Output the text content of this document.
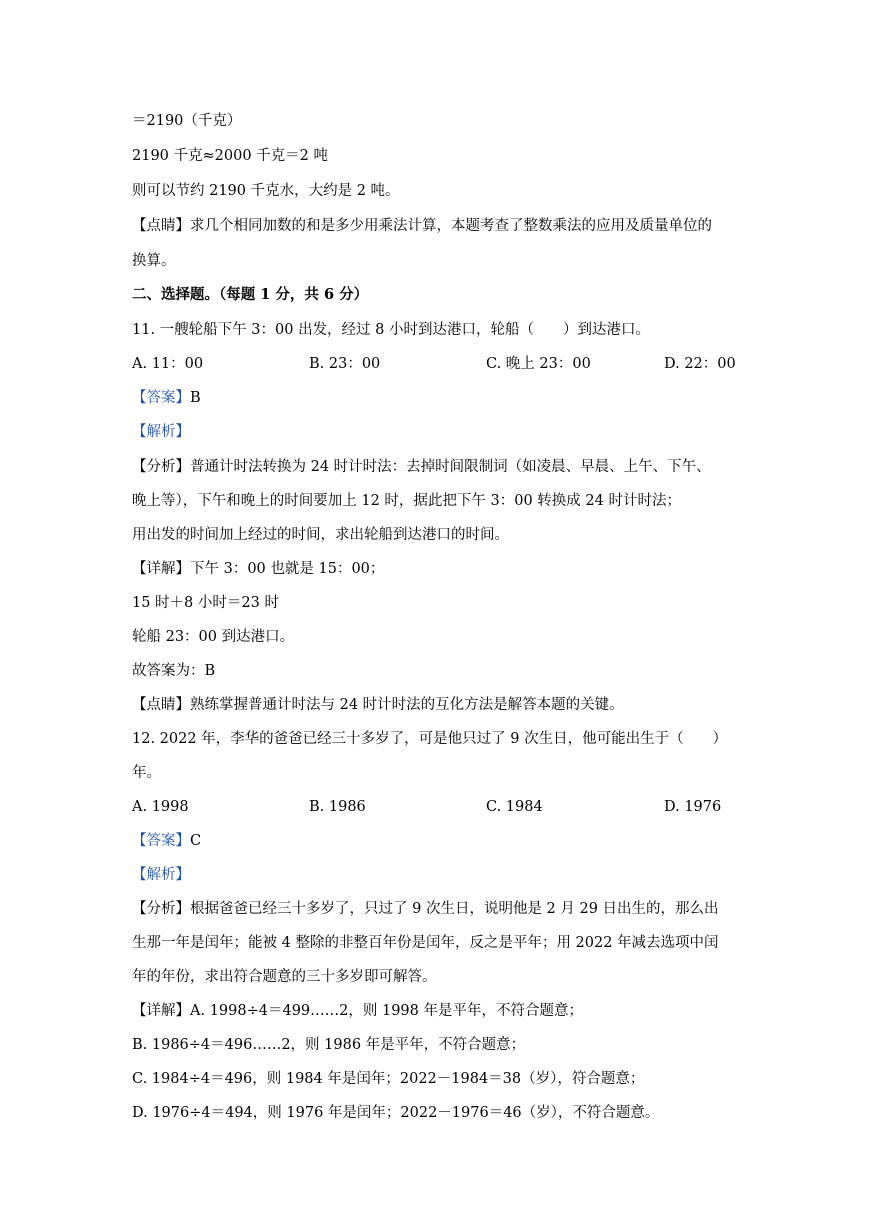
＝2190（千克）
2190 千克≈2000 千克＝2 吨
则可以节约 2190 千克水，大约是 2 吨。
【点睛】求几个相同加数的和是多少用乘法计算，本题考查了整数乘法的应用及质量单位的
换算。
二、选择题。（每题 1 分，共 6 分）
11. 一艘轮船下午 3：00 出发，经过 8 小时到达港口，轮船（　　）到达港口。
A. 11：00	B. 23：00	C. 晚上 23：00	D. 22：00
【答案】B
【解析】
【分析】普通计时法转换为 24 时计时法：去掉时间限制词（如凌晨、早晨、上午、下午、
晚上等），下午和晚上的时间要加上 12 时，据此把下午 3：00 转换成 24 时计时法；
用出发的时间加上经过的时间，求出轮船到达港口的时间。
【详解】下午 3：00 也就是 15：00；
15 时＋8 小时＝23 时
轮船 23：00 到达港口。
故答案为：B
【点睛】熟练掌握普通计时法与 24 时计时法的互化方法是解答本题的关键。
12. 2022 年，李华的爸爸已经三十多岁了，可是他只过了 9 次生日，他可能出生于（　　）
年。
A. 1998	B. 1986	C. 1984	D. 1976
【答案】C
【解析】
【分析】根据爸爸已经三十多岁了，只过了 9 次生日，说明他是 2 月 29 日出生的，那么出
生那一年是闰年；能被 4 整除的非整百年份是闰年，反之是平年；用 2022 年减去选项中闰
年的年份，求出符合题意的三十多岁即可解答。
【详解】A. 1998÷4＝499……2，则 1998 年是平年，不符合题意；
B. 1986÷4＝496……2，则 1986 年是平年，不符合题意；
C. 1984÷4＝496，则 1984 年是闰年；2022－1984＝38（岁），符合题意；
D. 1976÷4＝494，则 1976 年是闰年；2022－1976＝46（岁），不符合题意。
